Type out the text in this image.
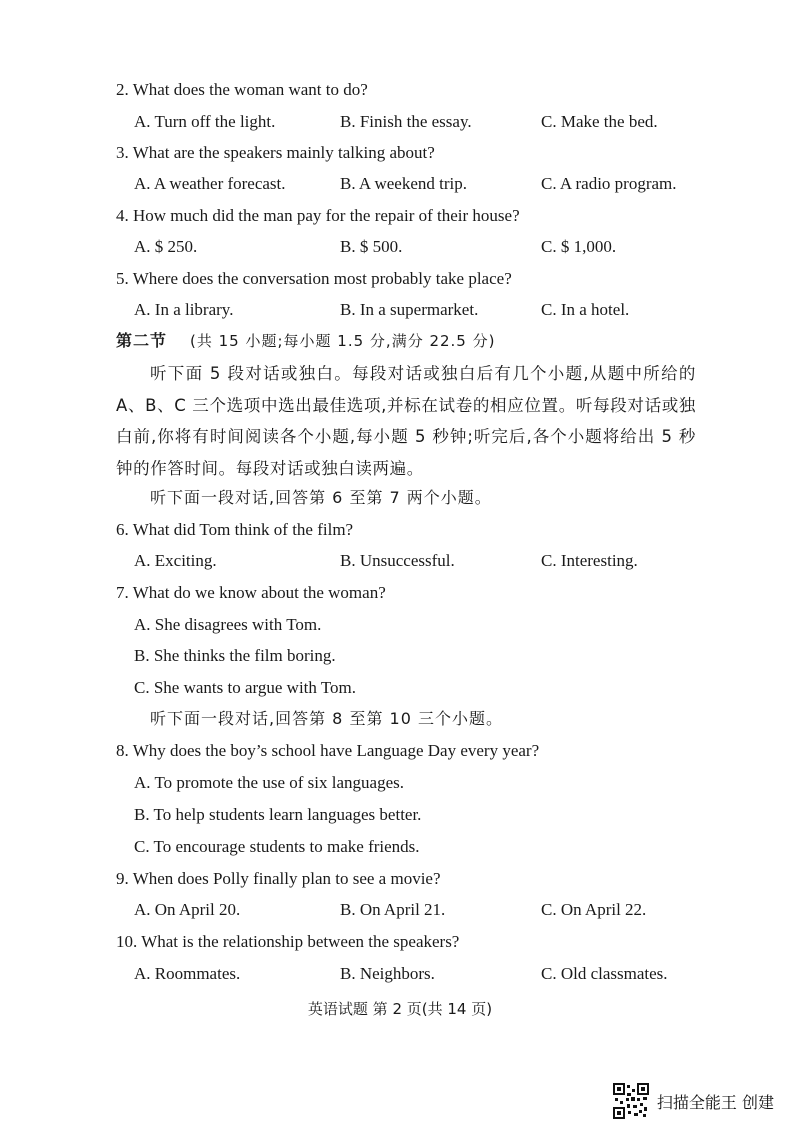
2. What does the woman want to do?
A. Turn off the light.	B. Finish the essay.	C. Make the bed.
3. What are the speakers mainly talking about?
A. A weather forecast.	B. A weekend trip.	C. A radio program.
4. How much did the man pay for the repair of their house?
A. $ 250.	B. $ 500.	C. $ 1,000.
5. Where does the conversation most probably take place?
A. In a library.	B. In a supermarket.	C. In a hotel.
第二节 (共 15 小题;每小题 1.5 分,满分 22.5 分)
听下面 5 段对话或独白。每段对话或独白后有几个小题,从题中所给的A、B、C 三个选项中选出最佳选项,并标在试卷的相应位置。听每段对话或独白前,你将有时间阅读各个小题,每小题 5 秒钟;听完后,各个小题将给出 5 秒钟的作答时间。每段对话或独白读两遍。
听下面一段对话,回答第 6 至第 7 两个小题。
6. What did Tom think of the film?
A. Exciting.	B. Unsuccessful.	C. Interesting.
7. What do we know about the woman?
A. She disagrees with Tom.
B. She thinks the film boring.
C. She wants to argue with Tom.
听下面一段对话,回答第 8 至第 10 三个小题。
8. Why does the boy’s school have Language Day every year?
A. To promote the use of six languages.
B. To help students learn languages better.
C. To encourage students to make friends.
9. When does Polly finally plan to see a movie?
A. On April 20.	B. On April 21.	C. On April 22.
10. What is the relationship between the speakers?
A. Roommates.	B. Neighbors.	C. Old classmates.
英语试题 第 2 页(共 14 页)
扫描全能王 创建
